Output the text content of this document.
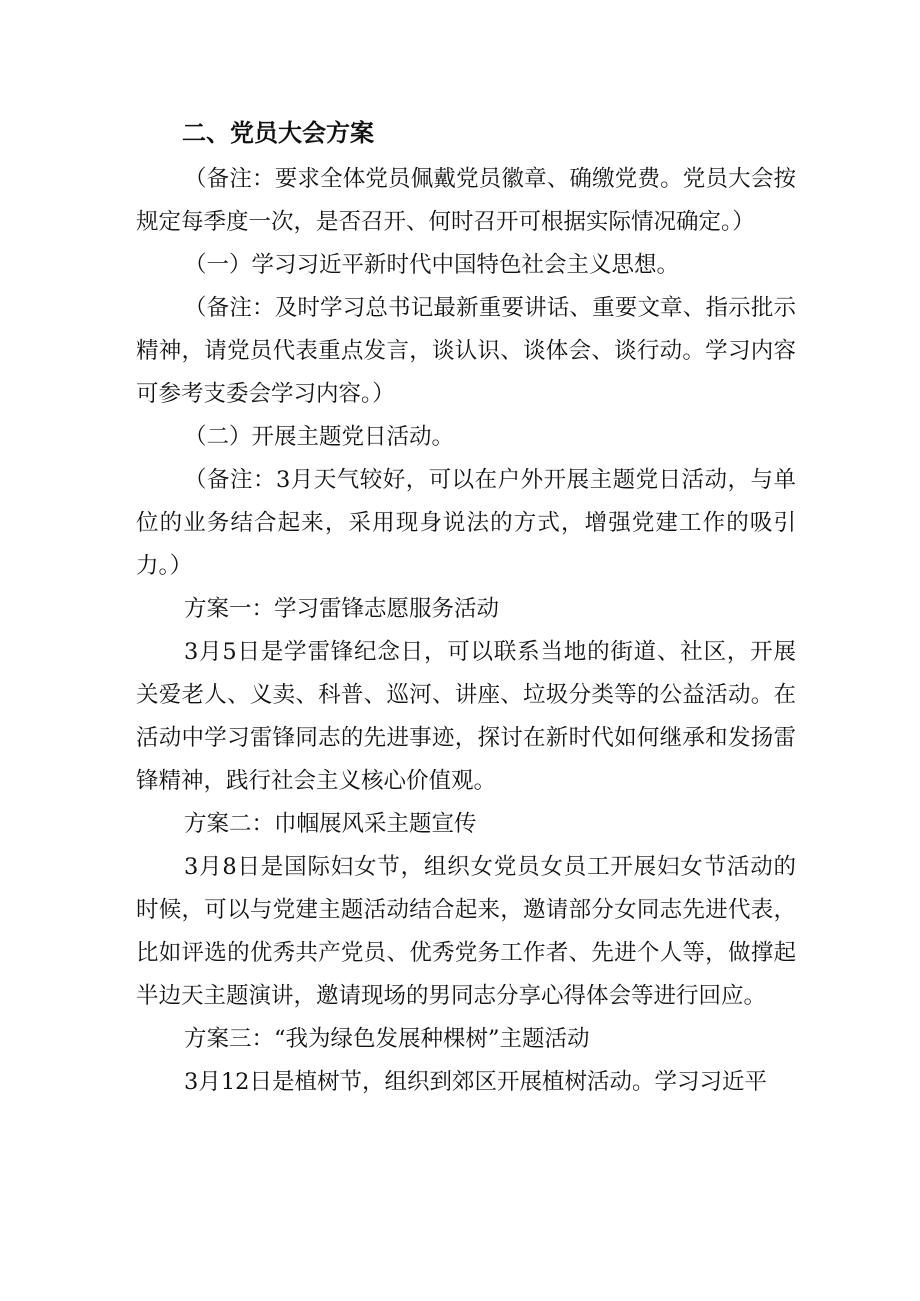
二、党员大会方案

（备注：要求全体党员佩戴党员徽章、确缴党费。党员大会按规定每季度一次，是否召开、何时召开可根据实际情况确定。）

（一）学习习近平新时代中国特色社会主义思想。

（备注：及时学习总书记最新重要讲话、重要文章、指示批示精神，请党员代表重点发言，谈认识、谈体会、谈行动。学习内容可参考支委会学习内容。）

（二）开展主题党日活动。

（备注：3月天气较好，可以在户外开展主题党日活动，与单位的业务结合起来，采用现身说法的方式，增强党建工作的吸引力。）

方案一：学习雷锋志愿服务活动

3月5日是学雷锋纪念日，可以联系当地的街道、社区，开展关爱老人、义卖、科普、巡河、讲座、垃圾分类等的公益活动。在活动中学习雷锋同志的先进事迹，探讨在新时代如何继承和发扬雷锋精神，践行社会主义核心价值观。

方案二：巾帼展风采主题宣传

3月8日是国际妇女节，组织女党员女员工开展妇女节活动的时候，可以与党建主题活动结合起来，邀请部分女同志先进代表，比如评选的优秀共产党员、优秀党务工作者、先进个人等，做撑起半边天主题演讲，邀请现场的男同志分享心得体会等进行回应。

方案三：“我为绿色发展种棵树”主题活动

3月12日是植树节，组织到郊区开展植树活动。学习习近平
